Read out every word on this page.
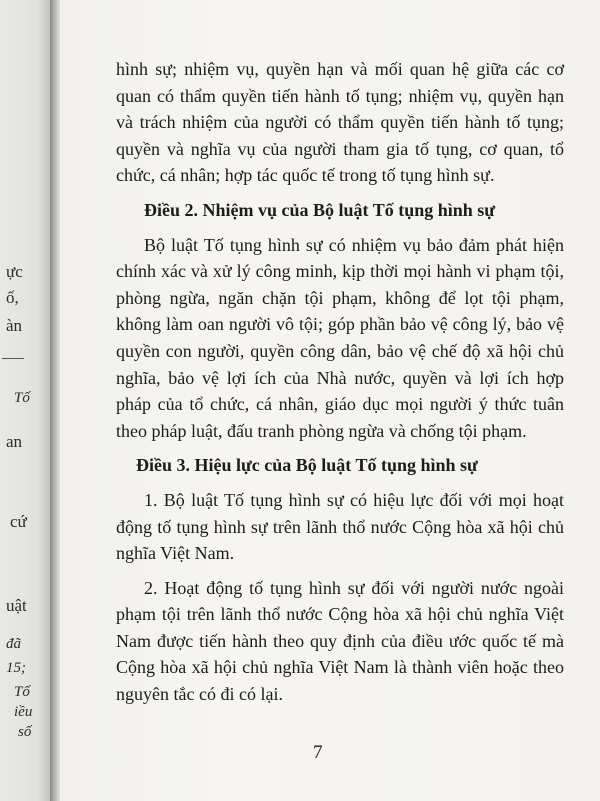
ực
ố,
àn
Tố
an
cứ
uật
đã
15;
Tố
iều
số

hình sự; nhiệm vụ, quyền hạn và mối quan hệ giữa các cơ quan có thẩm quyền tiến hành tố tụng; nhiệm vụ, quyền hạn và trách nhiệm của người có thẩm quyền tiến hành tố tụng; quyền và nghĩa vụ của người tham gia tố tụng, cơ quan, tổ chức, cá nhân; hợp tác quốc tế trong tố tụng hình sự.

Điều 2. Nhiệm vụ của Bộ luật Tố tụng hình sự

Bộ luật Tố tụng hình sự có nhiệm vụ bảo đảm phát hiện chính xác và xử lý công minh, kịp thời mọi hành vi phạm tội, phòng ngừa, ngăn chặn tội phạm, không để lọt tội phạm, không làm oan người vô tội; góp phần bảo vệ công lý, bảo vệ quyền con người, quyền công dân, bảo vệ chế độ xã hội chủ nghĩa, bảo vệ lợi ích của Nhà nước, quyền và lợi ích hợp pháp của tổ chức, cá nhân, giáo dục mọi người ý thức tuân theo pháp luật, đấu tranh phòng ngừa và chống tội phạm.

Điều 3. Hiệu lực của Bộ luật Tố tụng hình sự

1. Bộ luật Tố tụng hình sự có hiệu lực đối với mọi hoạt động tố tụng hình sự trên lãnh thổ nước Cộng hòa xã hội chủ nghĩa Việt Nam.

2. Hoạt động tố tụng hình sự đối với người nước ngoài phạm tội trên lãnh thổ nước Cộng hòa xã hội chủ nghĩa Việt Nam được tiến hành theo quy định của điều ước quốc tế mà Cộng hòa xã hội chủ nghĩa Việt Nam là thành viên hoặc theo nguyên tắc có đi có lại.

7
